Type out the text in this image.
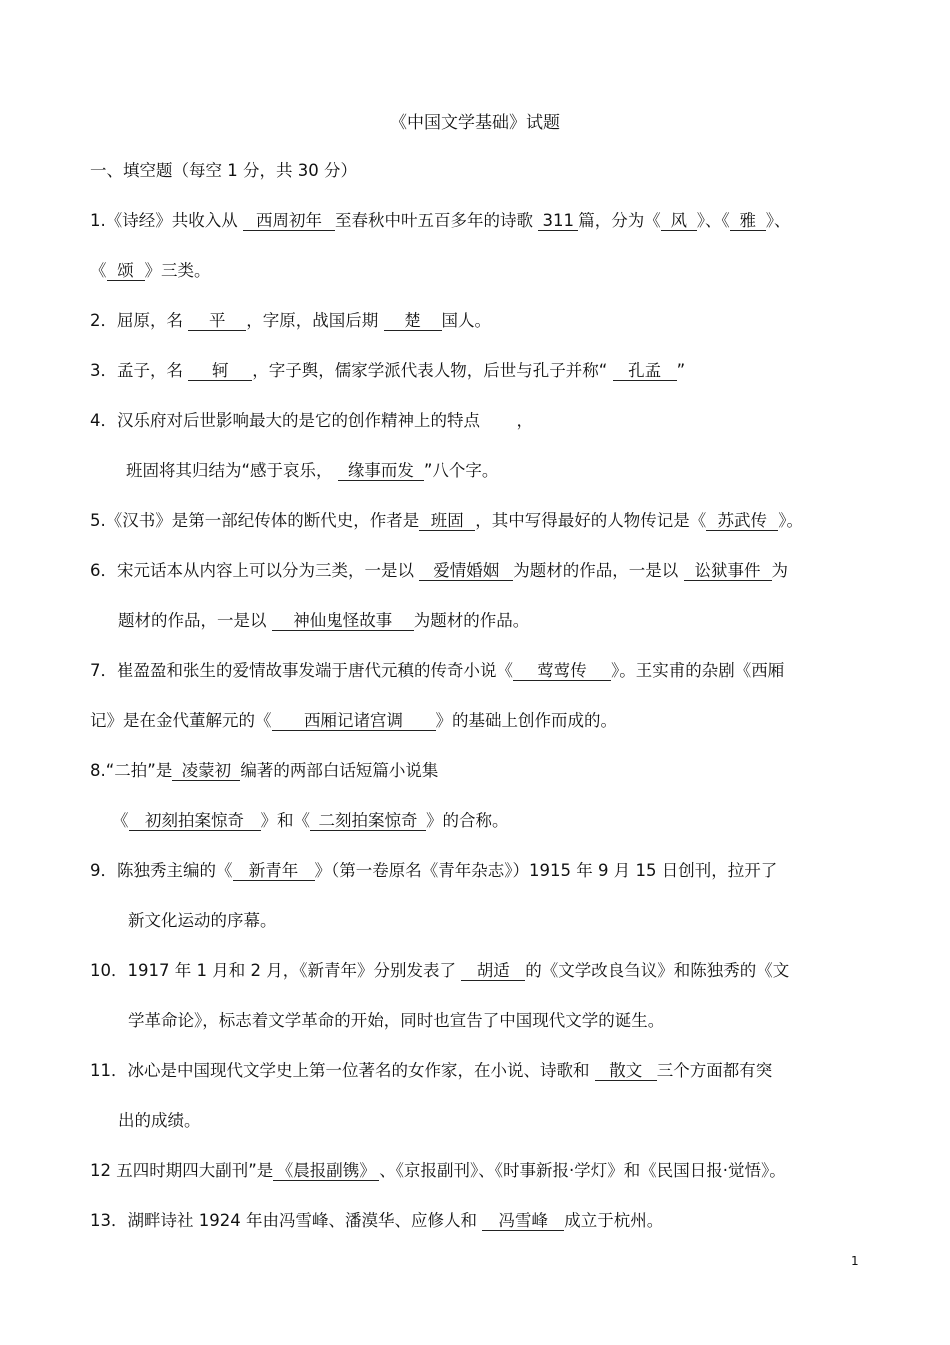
《中国文学基础》试题
一、填空题（每空 1 分，共 30 分）
1.《诗经》共收入从 西周初年 至春秋中叶五百多年的诗歌 311 篇，分为《 风 》、《 雅 》、
《 颂 》三类。
2．屈原，名 平 ，字原，战国后期 楚 国人。
3．孟子，名 轲 ，字子舆，儒家学派代表人物，后世与孔子并称“ 孔孟 ”
4．汉乐府对后世影响最大的是它的创作精神上的特点 ，
班固将其归结为“感于哀乐， 缘事而发 ”八个字。
5.《汉书》是第一部纪传体的断代史，作者是 班固 ，其中写得最好的人物传记是《 苏武传 》。
6．宋元话本从内容上可以分为三类，一是以 爱情婚姻 为题材的作品，一是以 讼狱事件 为
题材的作品，一是以 神仙鬼怪故事 为题材的作品。
7．崔盈盈和张生的爱情故事发端于唐代元稹的传奇小说《 莺莺传 》。王实甫的杂剧《西厢
记》是在金代董解元的《 西厢记诸宫调 》的基础上创作而成的。
8.“二拍”是 凌蒙初 编著的两部白话短篇小说集
《 初刻拍案惊奇 》和《 二刻拍案惊奇 》的合称。
9．陈独秀主编的《 新青年 》（第一卷原名《青年杂志》）1915 年 9 月 15 日创刊，拉开了
新文化运动的序幕。
10．1917 年 1 月和 2 月，《新青年》分别发表了 胡适 的《文学改良刍议》和陈独秀的《文
学革命论》，标志着文学革命的开始，同时也宣告了中国现代文学的诞生。
11．冰心是中国现代文学史上第一位著名的女作家，在小说、诗歌和 散文 三个方面都有突
出的成绩。
12 五四时期四大副刊”是 《晨报副镌》 、《京报副刊》、《时事新报·学灯》和《民国日报·觉悟》。
13．湖畔诗社 1924 年由冯雪峰、潘漠华、应修人和 冯雪峰 成立于杭州。
1
